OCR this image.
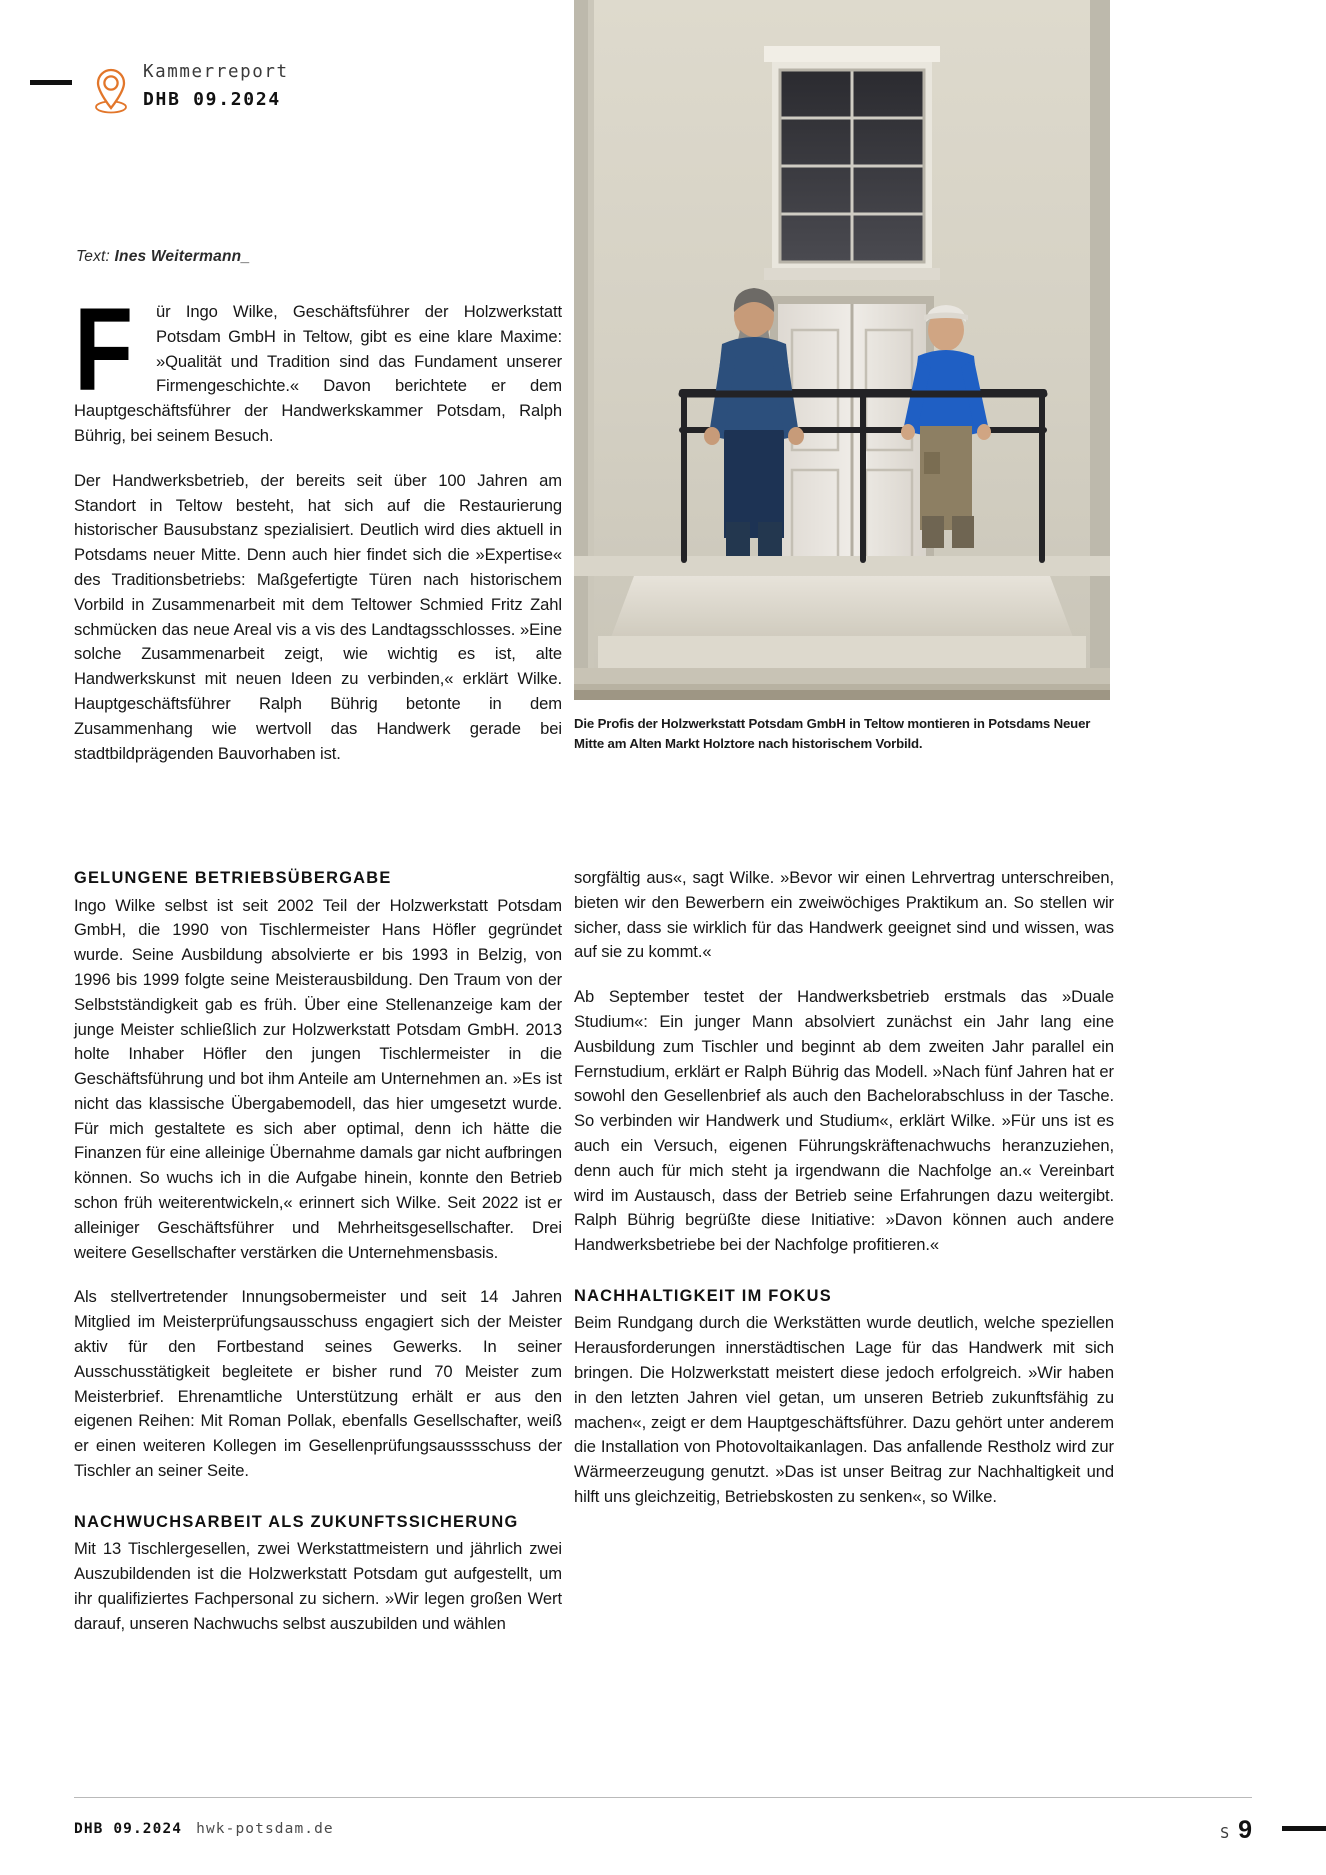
Kammerreport
DHB 09.2024
Die Profis der Holzwerkstatt Potsdam GmbH in Teltow montieren in Potsdams Neuer Mitte am Alten Markt Holztore nach historischem Vorbild.
Text: Ines Weitermann_

F ür Ingo Wilke, Geschäftsführer der Holzwerkstatt Potsdam GmbH in Teltow, gibt es eine klare Maxime: »Qualität und Tradition sind das Fundament unserer Firmengeschichte.« Davon berichtete er dem Hauptgeschäftsführer der Handwerkskammer Potsdam, Ralph Bührig, bei seinem Besuch.

Der Handwerksbetrieb, der bereits seit über 100 Jahren am Standort in Teltow besteht, hat sich auf die Restaurierung historischer Bausubstanz spezialisiert. Deutlich wird dies aktuell in Potsdams neuer Mitte. Denn auch hier findet sich die »Expertise« des Traditionsbetriebs: Maßgefertigte Türen nach historischem Vorbild in Zusammenarbeit mit dem Teltower Schmied Fritz Zahl schmücken das neue Areal vis a vis des Landtagsschlosses. »Eine solche Zusammenarbeit zeigt, wie wichtig es ist, alte Handwerkskunst mit neuen Ideen zu verbinden,« erklärt Wilke. Hauptgeschäftsführer Ralph Bührig betonte in dem Zusammenhang wie wertvoll das Handwerk gerade bei stadtbildprägenden Bauvorhaben ist.

GELUNGENE BETRIEBSÜBERGABE

Ingo Wilke selbst ist seit 2002 Teil der Holzwerkstatt Potsdam GmbH, die 1990 von Tischlermeister Hans Höfler gegründet wurde. Seine Ausbildung absolvierte er bis 1993 in Belzig, von 1996 bis 1999 folgte seine Meisterausbildung. Den Traum von der Selbstständigkeit gab es früh. Über eine Stellenanzeige kam der junge Meister schließlich zur Holzwerkstatt Potsdam GmbH. 2013 holte Inhaber Höfler den jungen Tischlermeister in die Geschäftsführung und bot ihm Anteile am Unternehmen an. »Es ist nicht das klassische Übergabemodell, das hier umgesetzt wurde. Für mich gestaltete es sich aber optimal, denn ich hätte die Finanzen für eine alleinige Übernahme damals gar nicht aufbringen können. So wuchs ich in die Aufgabe hinein, konnte den Betrieb schon früh weiterentwickeln,« erinnert sich Wilke. Seit 2022 ist er alleiniger Geschäftsführer und Mehrheitsgesellschafter. Drei weitere Gesellschafter verstärken die Unternehmensbasis.

Als stellvertretender Innungsobermeister und seit 14 Jahren Mitglied im Meisterprüfungsausschuss engagiert sich der Meister aktiv für den Fortbestand seines Gewerks. In seiner Ausschusstätigkeit begleitete er bisher rund 70 Meister zum Meisterbrief. Ehrenamtliche Unterstützung erhält er aus den eigenen Reihen: Mit Roman Pollak, ebenfalls Gesellschafter, weiß er einen weiteren Kollegen im Gesellenprüfungsausssschuss der Tischler an seiner Seite.

NACHWUCHSARBEIT ALS ZUKUNFTSSICHERUNG

Mit 13 Tischlergesellen, zwei Werkstattmeistern und jährlich zwei Auszubildenden ist die Holzwerkstatt Potsdam gut aufgestellt, um ihr qualifiziertes Fachpersonal zu sichern. »Wir legen großen Wert darauf, unseren Nachwuchs selbst auszubilden und wählen

sorgfältig aus«, sagt Wilke. »Bevor wir einen Lehrvertrag unterschreiben, bieten wir den Bewerbern ein zweiwöchiges Praktikum an. So stellen wir sicher, dass sie wirklich für das Handwerk geeignet sind und wissen, was auf sie zu kommt.«

Ab September testet der Handwerksbetrieb erstmals das »Duale Studium«: Ein junger Mann absolviert zunächst ein Jahr lang eine Ausbildung zum Tischler und beginnt ab dem zweiten Jahr parallel ein Fernstudium, erklärt er Ralph Bührig das Modell. »Nach fünf Jahren hat er sowohl den Gesellenbrief als auch den Bachelorabschluss in der Tasche. So verbinden wir Handwerk und Studium«, erklärt Wilke. »Für uns ist es auch ein Versuch, eigenen Führungskräftenachwuchs heranzuziehen, denn auch für mich steht ja irgendwann die Nachfolge an.« Vereinbart wird im Austausch, dass der Betrieb seine Erfahrungen dazu weitergibt. Ralph Bührig begrüßte diese Initiative: »Davon können auch andere Handwerksbetriebe bei der Nachfolge profitieren.«

NACHHALTIGKEIT IM FOKUS

Beim Rundgang durch die Werkstätten wurde deutlich, welche speziellen Herausforderungen innerstädtischen Lage für das Handwerk mit sich bringen. Die Holzwerkstatt meistert diese jedoch erfolgreich. »Wir haben in den letzten Jahren viel getan, um unseren Betrieb zukunftsfähig zu machen«, zeigt er dem Hauptgeschäftsführer. Dazu gehört unter anderem die Installation von Photovoltaikanlagen. Das anfallende Restholz wird zur Wärmeerzeugung genutzt. »Das ist unser Beitrag zur Nachhaltigkeit und hilft uns gleichzeitig, Betriebskosten zu senken«, so Wilke.

DHB 09.2024 hwk-potsdam.de	S 9
